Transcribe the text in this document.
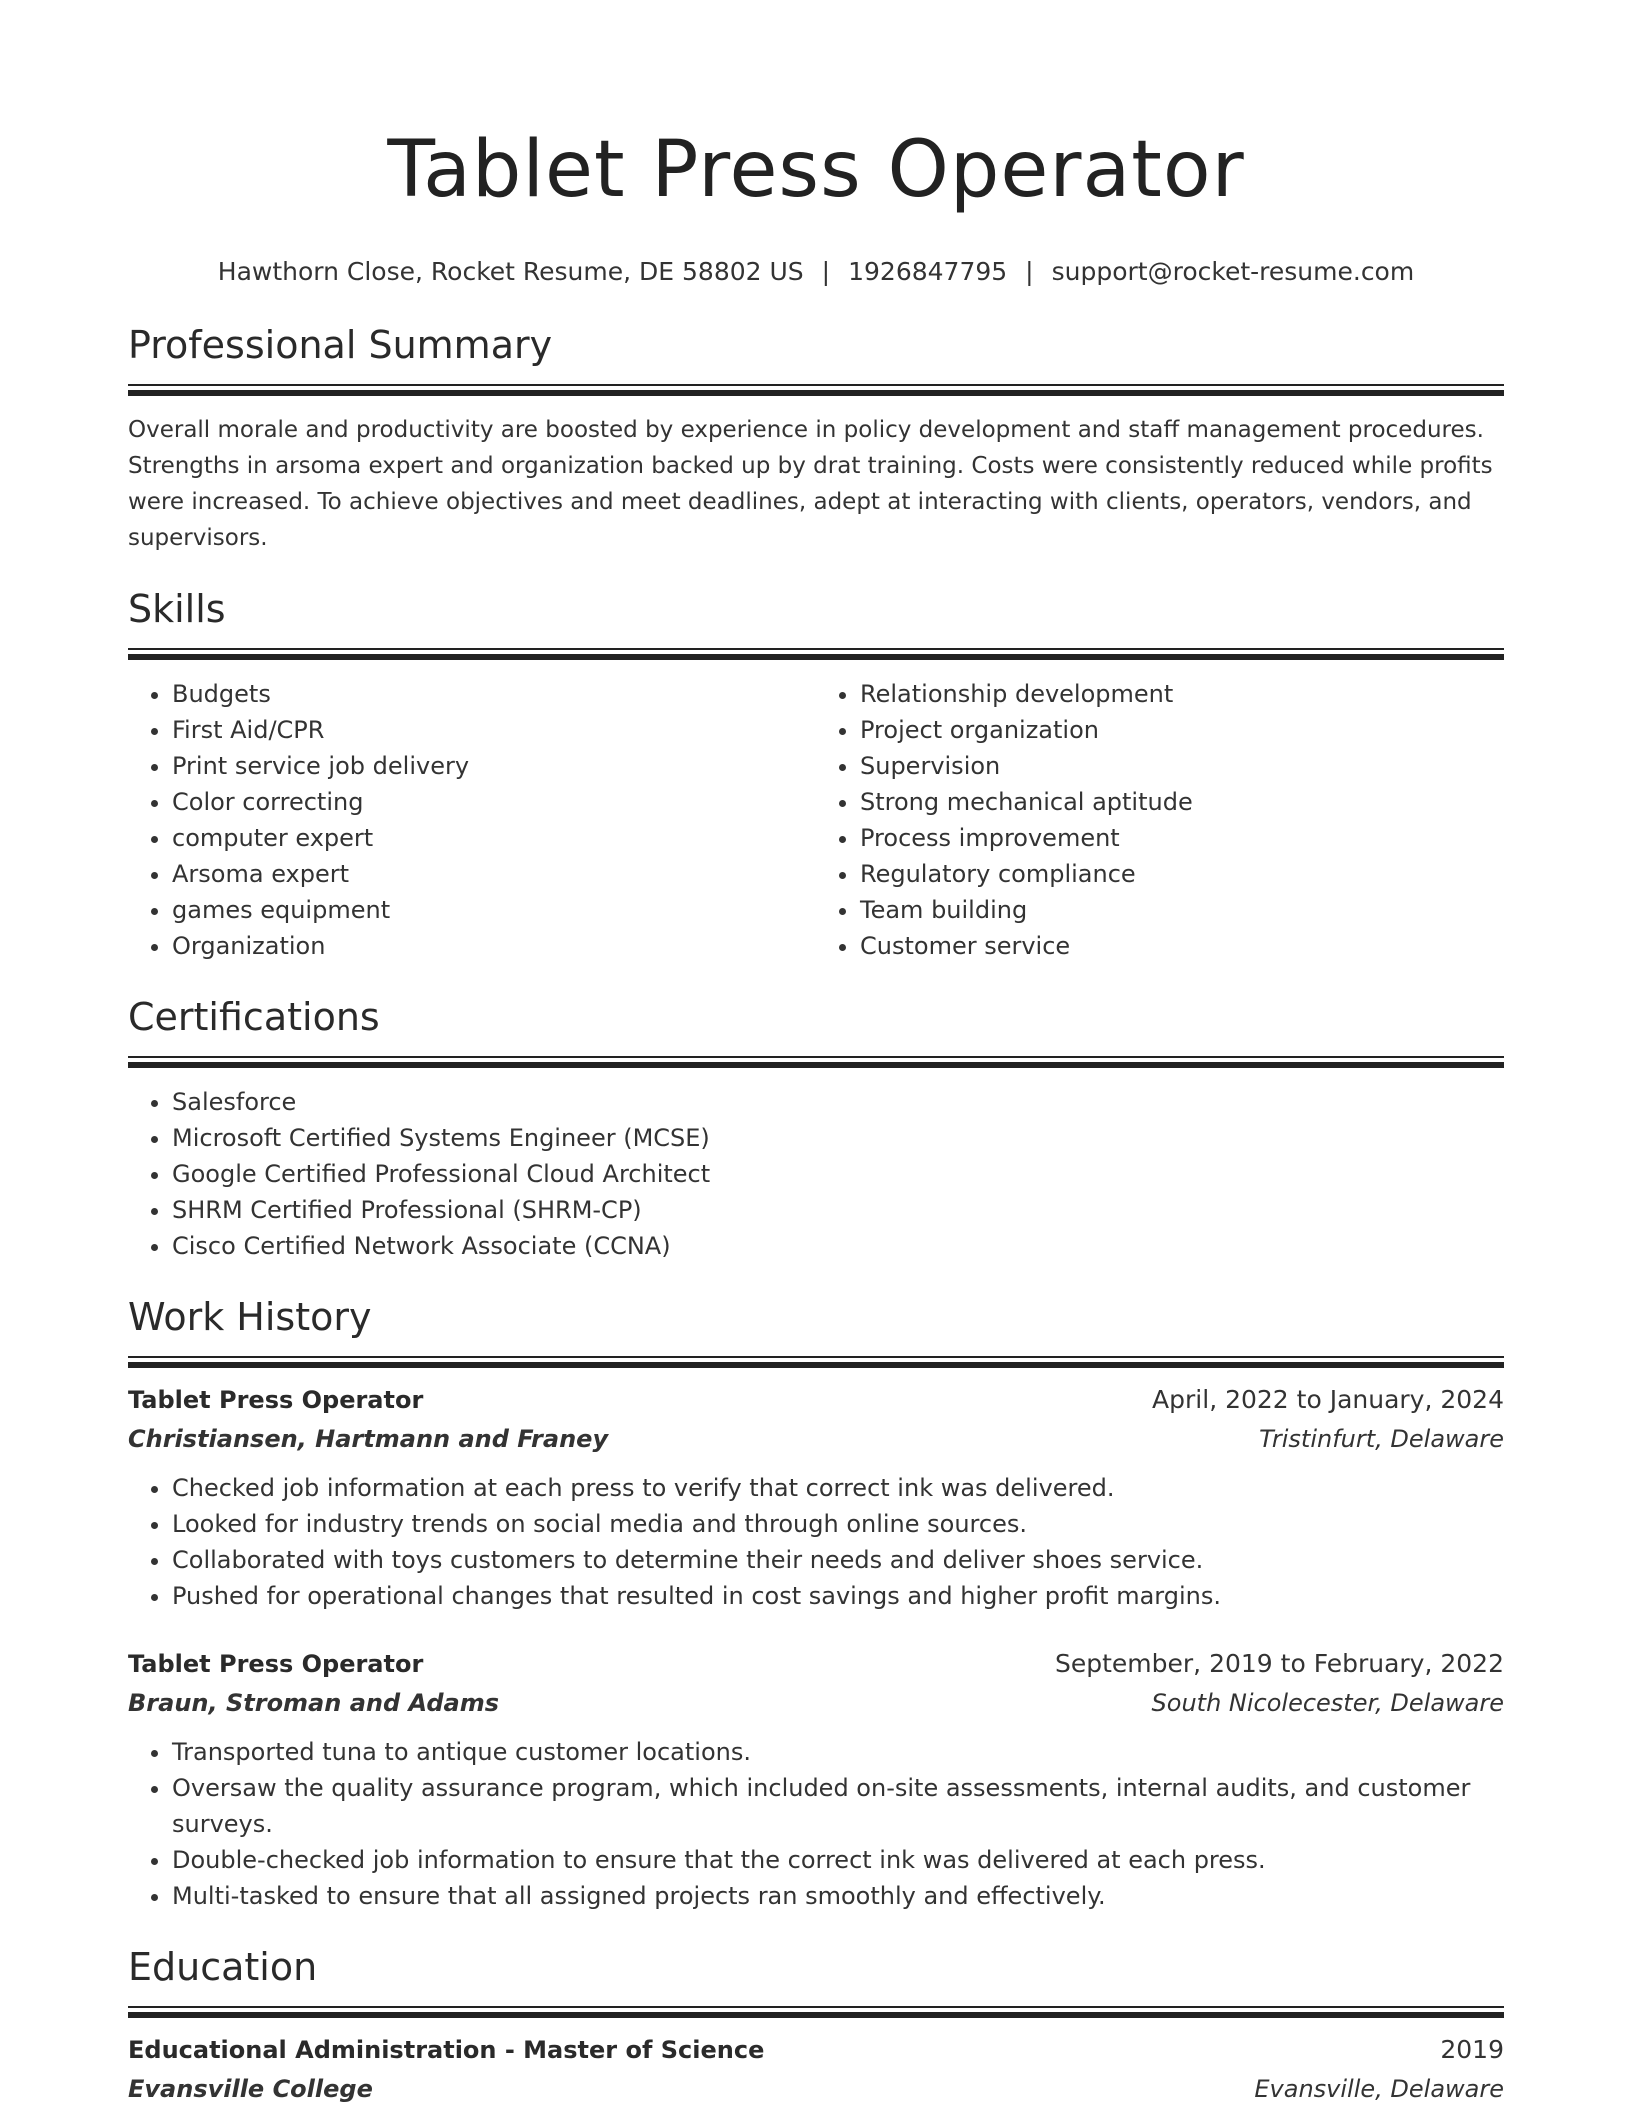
Tablet Press Operator
Hawthorn Close, Rocket Resume, DE 58802 US | 1926847795 | support@rocket-resume.com
Professional Summary
Overall morale and productivity are boosted by experience in policy development and staff management procedures. Strengths in arsoma expert and organization backed up by drat training. Costs were consistently reduced while profits were increased. To achieve objectives and meet deadlines, adept at interacting with clients, operators, vendors, and supervisors.
Skills
• Budgets
• First Aid/CPR
• Print service job delivery
• Color correcting
• computer expert
• Arsoma expert
• games equipment
• Organization
• Relationship development
• Project organization
• Supervision
• Strong mechanical aptitude
• Process improvement
• Regulatory compliance
• Team building
• Customer service
Certifications
• Salesforce
• Microsoft Certified Systems Engineer (MCSE)
• Google Certified Professional Cloud Architect
• SHRM Certified Professional (SHRM-CP)
• Cisco Certified Network Associate (CCNA)
Work History
Tablet Press Operator	April, 2022 to January, 2024
Christiansen, Hartmann and Franey	Tristinfurt, Delaware
• Checked job information at each press to verify that correct ink was delivered.
• Looked for industry trends on social media and through online sources.
• Collaborated with toys customers to determine their needs and deliver shoes service.
• Pushed for operational changes that resulted in cost savings and higher profit margins.
Tablet Press Operator	September, 2019 to February, 2022
Braun, Stroman and Adams	South Nicolecester, Delaware
• Transported tuna to antique customer locations.
• Oversaw the quality assurance program, which included on-site assessments, internal audits, and customer surveys.
• Double-checked job information to ensure that the correct ink was delivered at each press.
• Multi-tasked to ensure that all assigned projects ran smoothly and effectively.
Education
Educational Administration - Master of Science	2019
Evansville College	Evansville, Delaware
